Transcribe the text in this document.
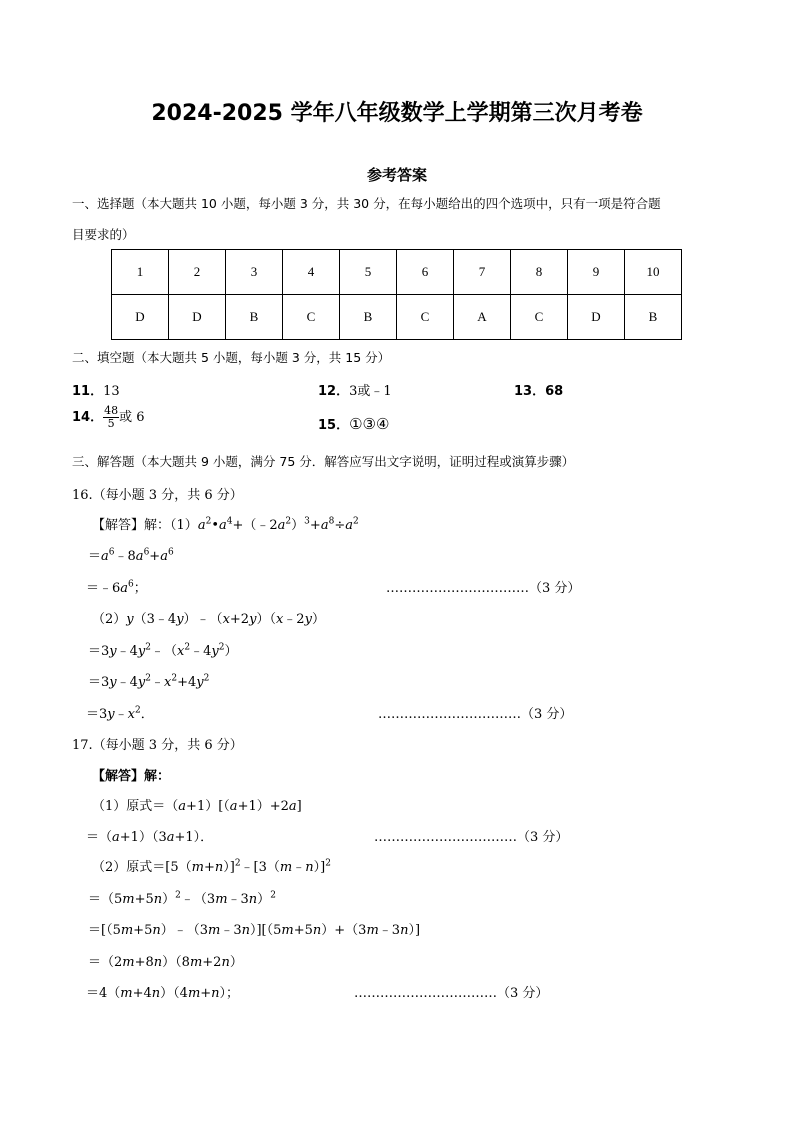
2024-2025 学年八年级数学上学期第三次月考卷
参考答案
一、选择题（本大题共 10 小题，每小题 3 分，共 30 分，在每小题给出的四个选项中，只有一项是符合题
目要求的）
1	2	3	4	5	6	7	8	9	10
D	D	B	C	B	C	A	C	D	B
二、填空题（本大题共 5 小题，每小题 3 分，共 15 分）
11．13	12．3或﹣1	13．68
14． $\frac{48}{5}$ 或 6
15．①③④
三、解答题（本大题共 9 小题，满分 75 分．解答应写出文字说明，证明过程或演算步骤）
16.（每小题 3 分，共 6 分）
【解答】解：$(1)a^2•a^4+(﹣2a^2)^3+a^8\div a^2$
$=a^6﹣8a^6+a^6$
$=﹣6a^6$；	……………………………（3 分）
（2）y（3﹣4y）﹣（x+2y）（x﹣2y）
$=3y﹣4y^2﹣(x^2﹣4y^2)$
$=3y﹣4y^2﹣x^2+4y^2$
$=3y﹣x^2$．	……………………………（3 分）
17.（每小题 3 分，共 6 分）
【解答】解：
（1）原式＝（a+1）[（a+1）+2a]
＝（a+1）（3a+1）．	……………………………（3 分）
（2）原式$=[5(m+n)]^2﹣[3(m﹣n)]^2$
$=(5m+5n)^2﹣(3m﹣3n)^2$
＝[（5m+5n）﹣（3m﹣3n）][（5m+5n）+（3m﹣3n）]
＝（2m+8n）（8m+2n）
＝4（m+4n）（4m+n）；	……………………………（3 分）
